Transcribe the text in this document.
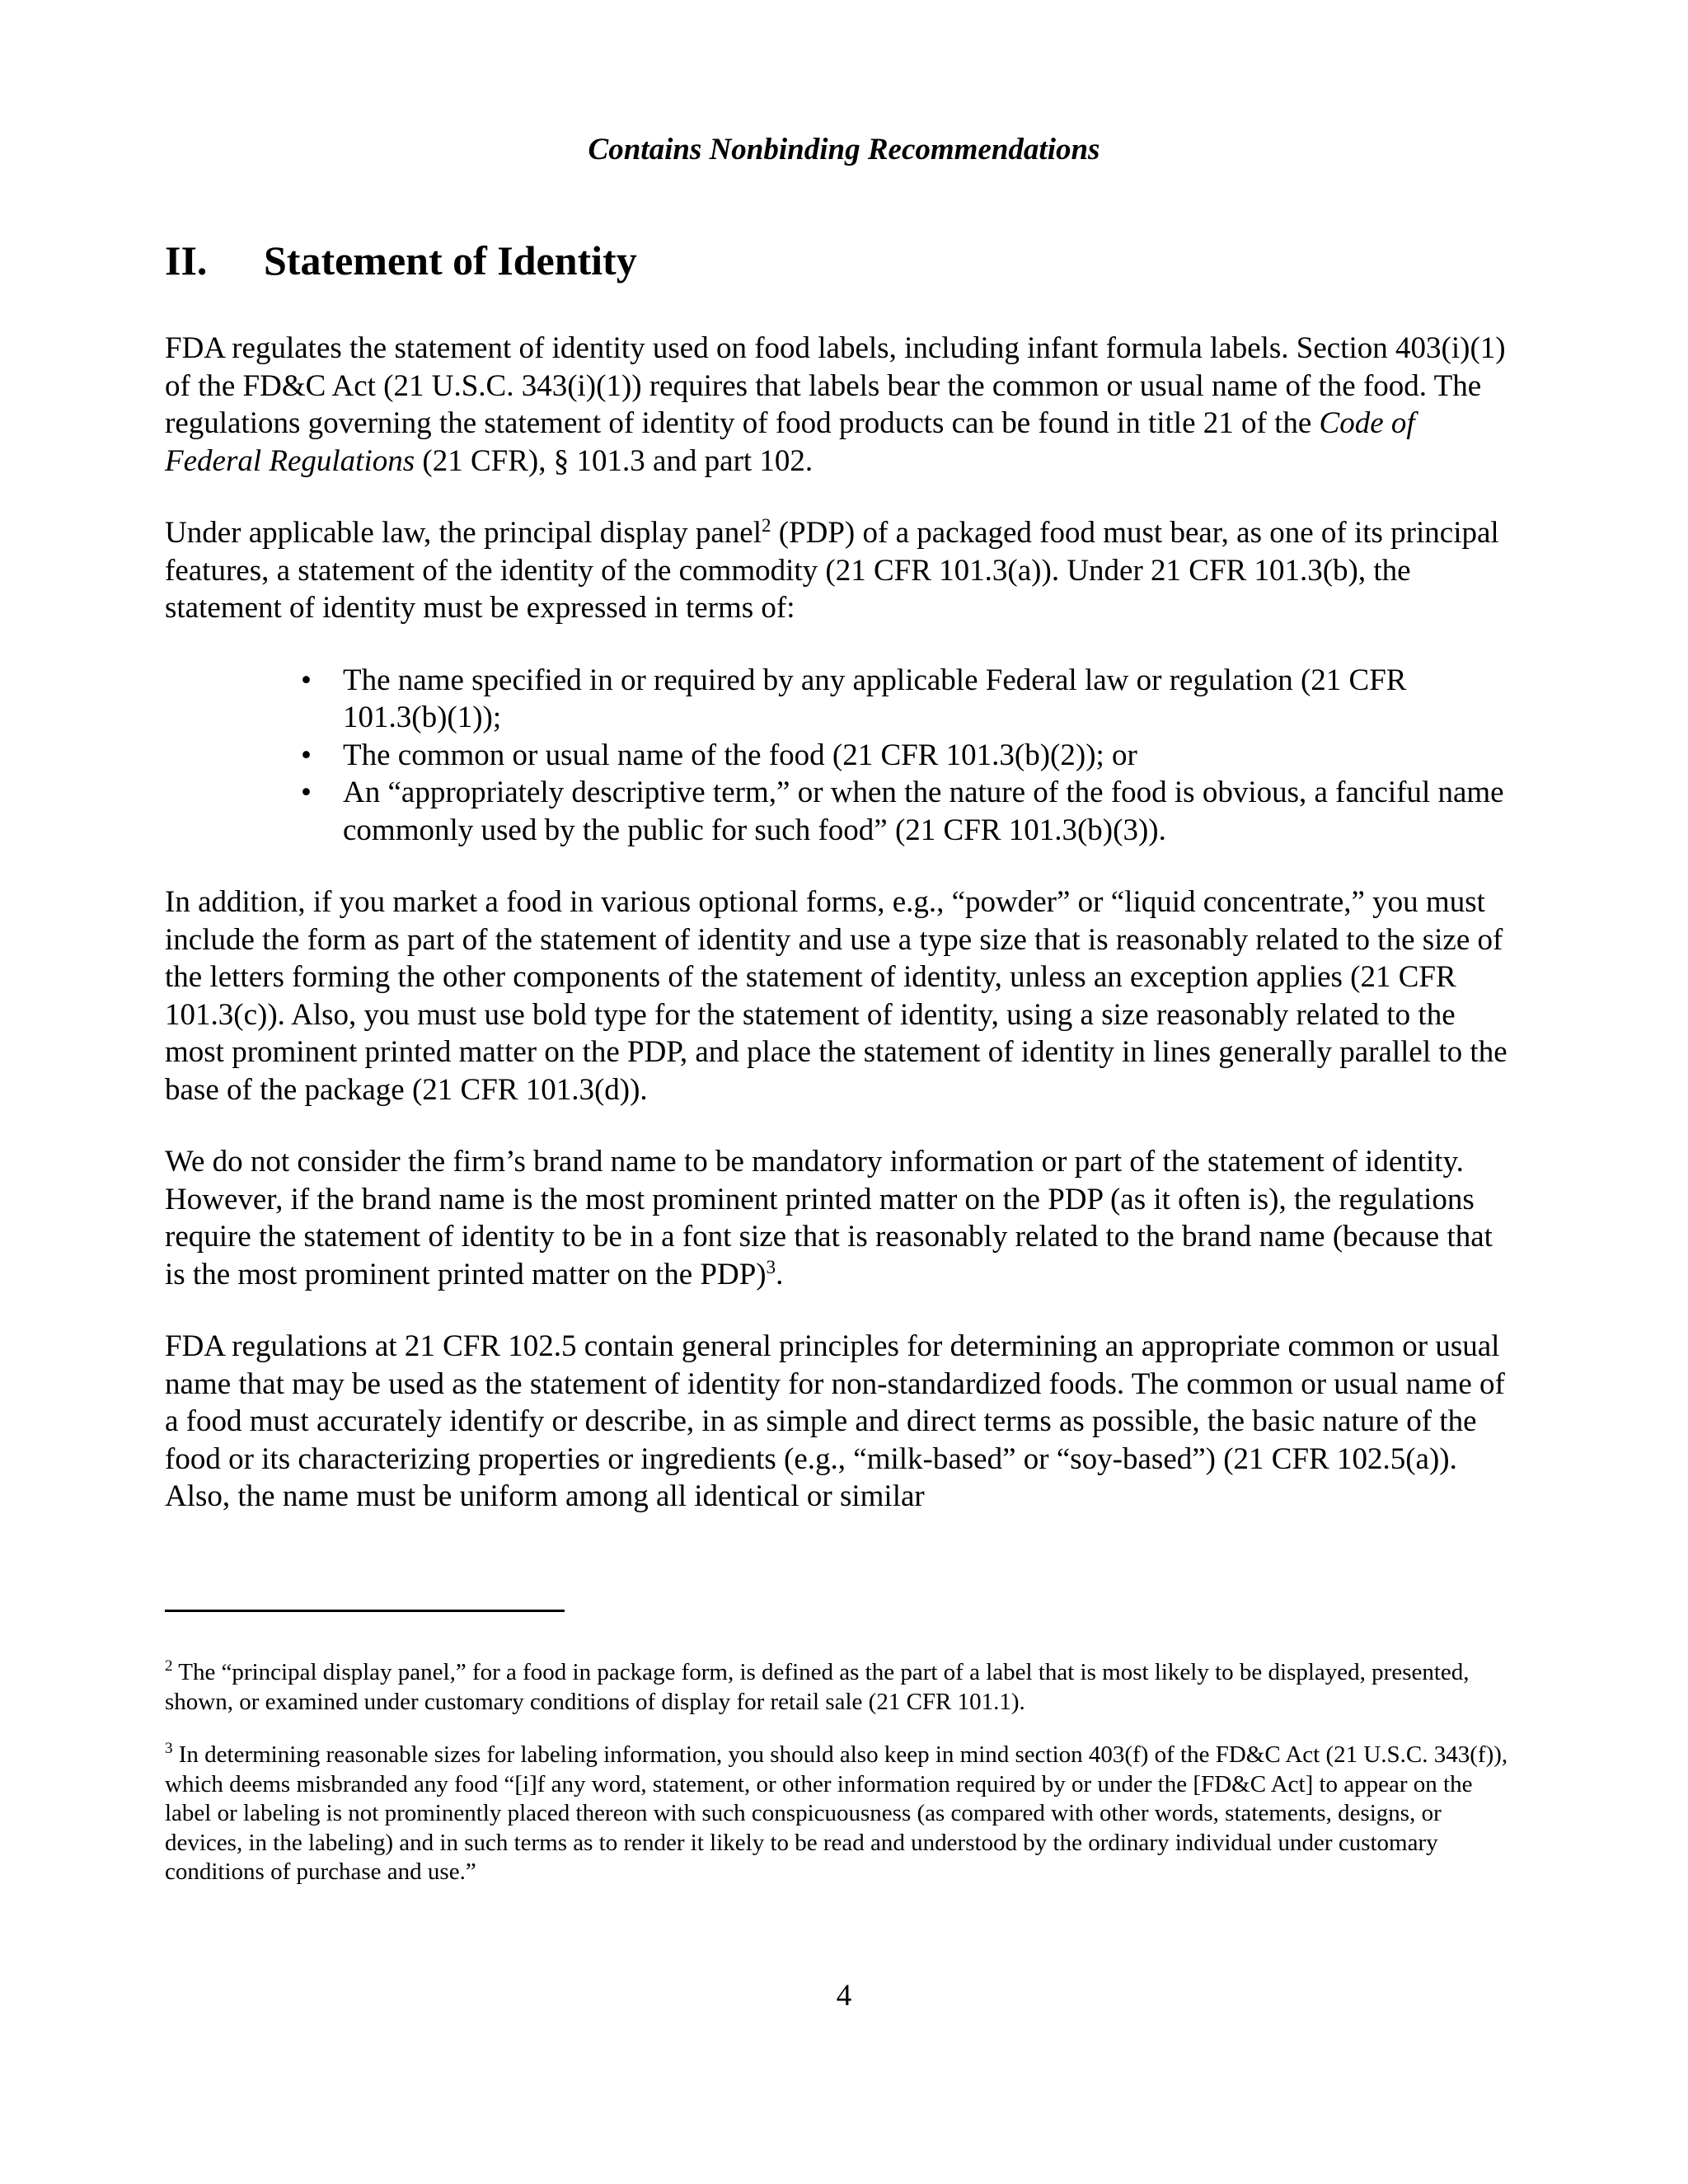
Contains Nonbinding Recommendations
II. Statement of Identity

FDA regulates the statement of identity used on food labels, including infant formula labels. Section 403(i)(1) of the FD&C Act (21 U.S.C. 343(i)(1)) requires that labels bear the common or usual name of the food. The regulations governing the statement of identity of food products can be found in title 21 of the Code of Federal Regulations (21 CFR), § 101.3 and part 102.

Under applicable law, the principal display panel$^2$ (PDP) of a packaged food must bear, as one of its principal features, a statement of the identity of the commodity (21 CFR 101.3(a)). Under 21 CFR 101.3(b), the statement of identity must be expressed in terms of:

• The name specified in or required by any applicable Federal law or regulation (21 CFR 101.3(b)(1));
• The common or usual name of the food (21 CFR 101.3(b)(2)); or
• An “appropriately descriptive term,” or when the nature of the food is obvious, a fanciful name commonly used by the public for such food” (21 CFR 101.3(b)(3)).

In addition, if you market a food in various optional forms, e.g., “powder” or “liquid concentrate,” you must include the form as part of the statement of identity and use a type size that is reasonably related to the size of the letters forming the other components of the statement of identity, unless an exception applies (21 CFR 101.3(c)). Also, you must use bold type for the statement of identity, using a size reasonably related to the most prominent printed matter on the PDP, and place the statement of identity in lines generally parallel to the base of the package (21 CFR 101.3(d)).

We do not consider the firm’s brand name to be mandatory information or part of the statement of identity. However, if the brand name is the most prominent printed matter on the PDP (as it often is), the regulations require the statement of identity to be in a font size that is reasonably related to the brand name (because that is the most prominent printed matter on the PDP)$^3$.

FDA regulations at 21 CFR 102.5 contain general principles for determining an appropriate common or usual name that may be used as the statement of identity for non-standardized foods. The common or usual name of a food must accurately identify or describe, in as simple and direct terms as possible, the basic nature of the food or its characterizing properties or ingredients (e.g., “milk-based” or “soy-based”) (21 CFR 102.5(a)). Also, the name must be uniform among all identical or similar

$^2$ The “principal display panel,” for a food in package form, is defined as the part of a label that is most likely to be displayed, presented, shown, or examined under customary conditions of display for retail sale (21 CFR 101.1).

$^3$ In determining reasonable sizes for labeling information, you should also keep in mind section 403(f) of the FD&C Act (21 U.S.C. 343(f)), which deems misbranded any food “[i]f any word, statement, or other information required by or under the [FD&C Act] to appear on the label or labeling is not prominently placed thereon with such conspicuousness (as compared with other words, statements, designs, or devices, in the labeling) and in such terms as to render it likely to be read and understood by the ordinary individual under customary conditions of purchase and use.”

4
